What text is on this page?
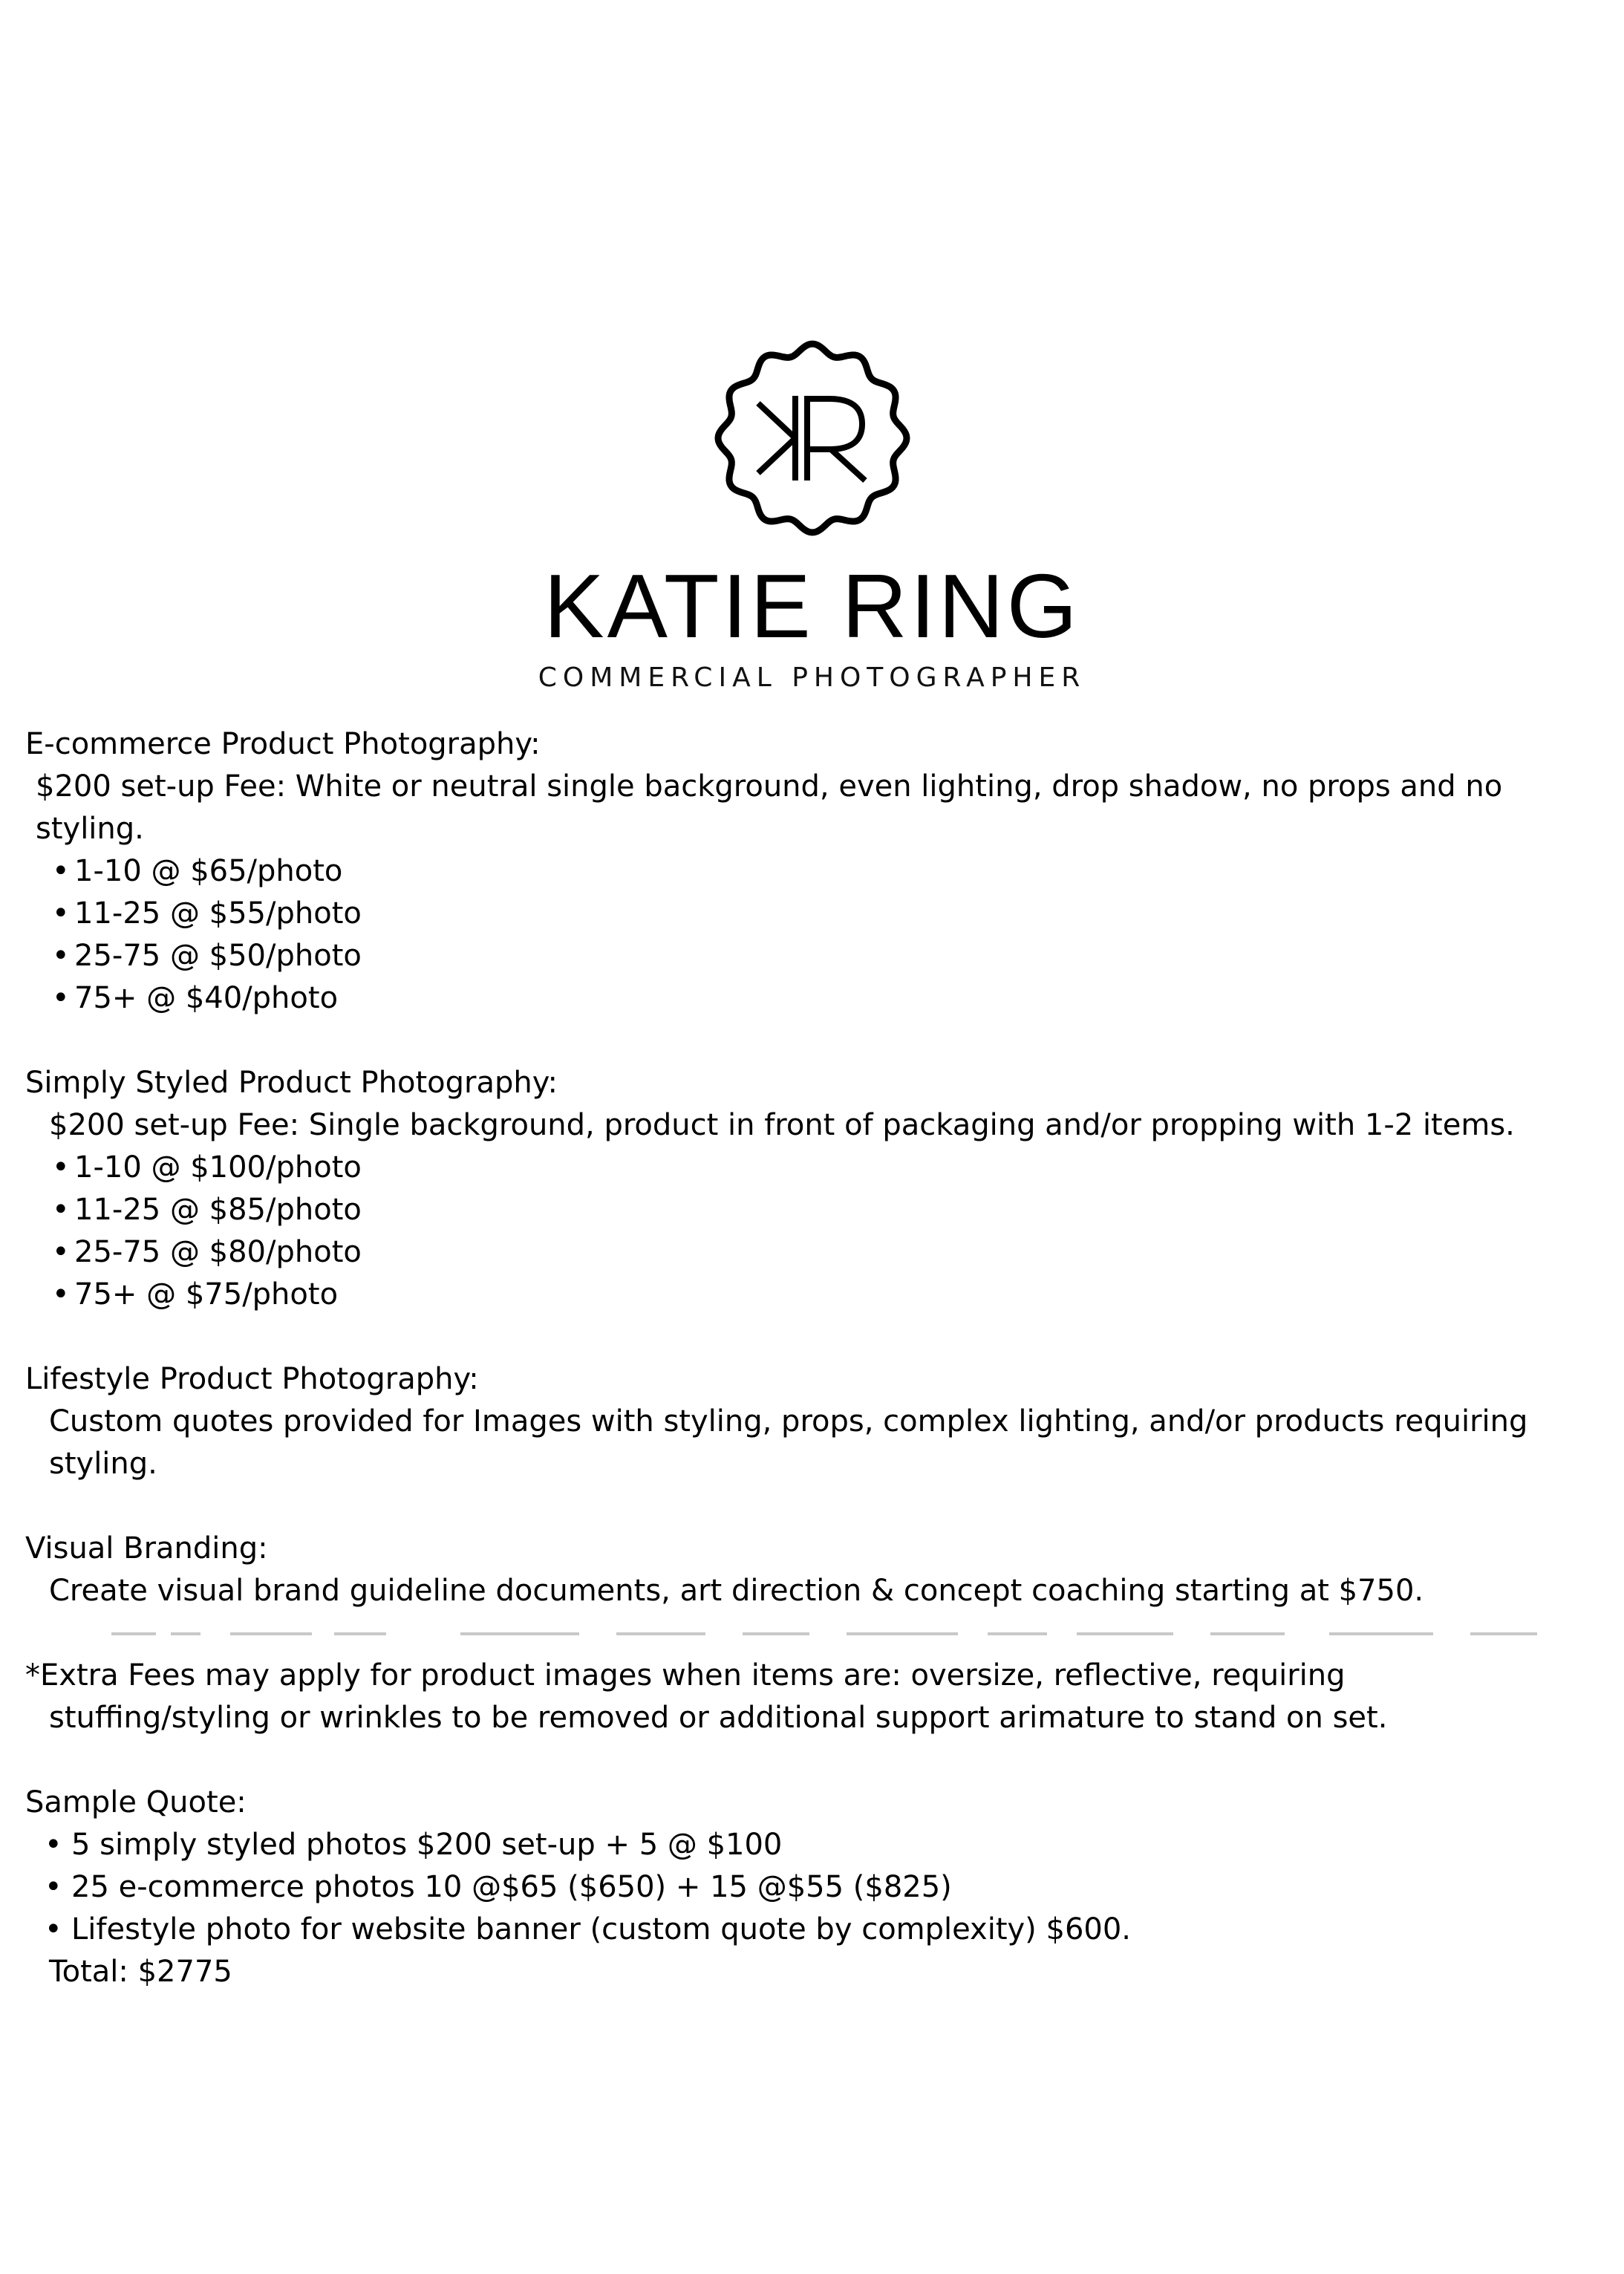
KATIE RING
COMMERCIAL PHOTOGRAPHER

E-commerce Product Photography:

$200 set-up Fee: White or neutral single background, even lighting, drop shadow, no props and no styling.

• 1-10 @ $65/photo
• 11-25 @ $55/photo
• 25-75 @ $50/photo
• 75+ @ $40/photo

Simply Styled Product Photography:

$200 set-up Fee: Single background, product in front of packaging and/or propping with 1-2 items.

• 1-10 @ $100/photo
• 11-25 @ $85/photo
• 25-75 @ $80/photo
• 75+ @ $75/photo

Lifestyle Product Photography:

Custom quotes provided for Images with styling, props, complex lighting, and/or products requiring styling.

Visual Branding:

Create visual brand guideline documents, art direction & concept coaching starting at $750.

*Extra Fees may apply for product images when items are: oversize, reflective, requiring

stuffing/styling or wrinkles to be removed or additional support arimature to stand on set.

Sample Quote:

• 5 simply styled photos $200 set-up + 5 @ $100
• 25 e-commerce photos 10 @$65 ($650) + 15 @$55 ($825)
• Lifestyle photo for website banner (custom quote by complexity) $600.

Total: $2775
